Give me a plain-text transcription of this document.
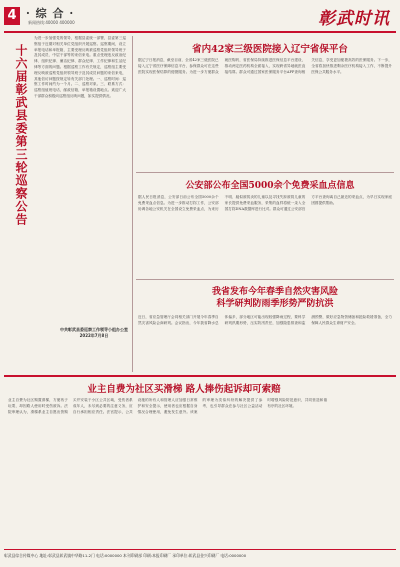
4 · 综 合 ·
新闻热线:40000 400000	彰武时讯
十六届彰武县委第三轮巡察公告
为进一步加强党的领导，根据县委统一部署，县委第三巡察组于近期对相关单位党组织开展巡察。巡察期间，设立举报电话和举报箱，主要受理反映被巡察党组织领导班子及其成员、中层干部等的来信来电。重点受理违反政治纪律、组织纪律、廉洁纪律、群众纪律、工作纪律和生活纪律等方面的问题。根据巡察工作有关规定，巡察组主要受理反映被巡察党组织领导班子及其成员问题的来信来电，其他信访问题按规定转有关部门处理。一、巡察时间：巡察工作时间约为一个月。二、巡察对象。三、联系方式：巡察组值班电话，邮政信箱，举报箱设置地点。欢迎广大干部群众积极向巡察组反映问题，如实提供情况。
中共彰武县委巡察工作领导小组办公室
2022年7月8日
省内42家三级医院接入辽宁省保平台
据辽宁日报消息，截至目前，全省42家三级医院已接入辽宁省医疗保障信息平台，参保群众可在这些医院实现医保结算的便捷服务。为进一步方便群众就医购药，省医保局持续推进医保信息平台建设，推动两定医药机构全面接入，实现跨省异地就医直接结算。群众可通过国家医保服务平台APP查询相关信息，享受更加便捷高效的医保服务。下一步，全省将加快推进剩余医疗机构接入工作，不断提升医保公共服务水平。
公安部公布全国5000余个免费采血点信息
据人民日报消息，公安部日前公布全国5000余个免费采血点信息。为进一步推动打拐工作，公安部协调各地公安机关在全国设立免费采血点，为来历不明、疑似被拐卖的儿童以及寻找失踪被拐儿童的家长提供免费采血服务，采集的血样将统一录入全国打拐DNA数据库进行比对。群众可通过公安部官方平台查询离自己最近的采血点，为早日实现家庭团圆提供帮助。
我省发布今年春季自然灾害风险
科学研判防雨季形势严防抗洪
近日，省应急管理厅会同相关部门开展今年春季自然灾害风险会商研判。会议指出，今年我省降水总体偏多，部分地区可能出现较强降雨过程，要科学研判汛期形势，压实防汛责任，加强隐患排查和监测预警，做好应急物资储备和抢险救援准备，全力保障人民群众生命财产安全。
业主自费为社区买滑梯 路人捧伤起诉却可索赔
业主自费为社区购置滑梯，方便孩子玩耍，却因路人使用时受伤被诉。法院审理认为，滑梯系业主自愿出资购买并安装于小区公共区域，受伤者系成年人，未尽到必要的注意义务，应自行承担相应责任。法官提示，公共设施的所有人和管理人应加强日常维护和安全提示，使用者也应根据自身情况合理使用，避免发生意外。该案的审理为类似纠纷的解决提供了参考，也引导群众在参与社区公益活动时增强风险防范意识，共同营造和谐有序的社区环境。
彰武县综合传媒中心 地址:彰武县彰武镇中华路11-2门 电话:0000000 本刊印刷部 印刷:本报印刷厂 承印单位:彰武县金兴印刷厂 电话:0000000
